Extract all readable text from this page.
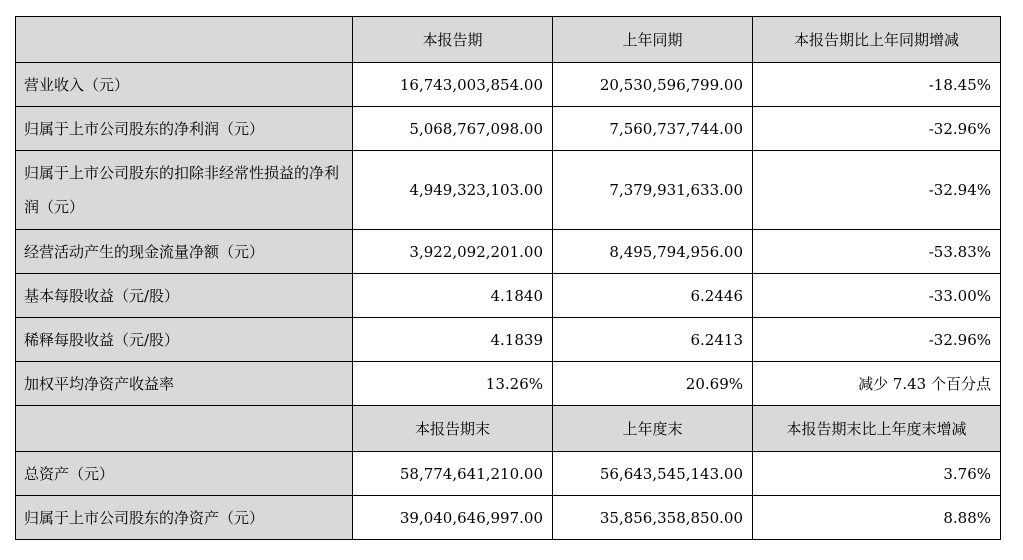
	本报告期	上年同期	本报告期比上年同期增减
营业收入（元）	16,743,003,854.00	20,530,596,799.00	-18.45%
归属于上市公司股东的净利润（元）	5,068,767,098.00	7,560,737,744.00	-32.96%
归属于上市公司股东的扣除非经常性损益的净利润（元）	4,949,323,103.00	7,379,931,633.00	-32.94%
经营活动产生的现金流量净额（元）	3,922,092,201.00	8,495,794,956.00	-53.83%
基本每股收益（元/股）	4.1840	6.2446	-33.00%
稀释每股收益（元/股）	4.1839	6.2413	-32.96%
加权平均净资产收益率	13.26%	20.69%	减少 7.43 个百分点
	本报告期末	上年度末	本报告期末比上年度末增减
总资产（元）	58,774,641,210.00	56,643,545,143.00	3.76%
归属于上市公司股东的净资产（元）	39,040,646,997.00	35,856,358,850.00	8.88%
